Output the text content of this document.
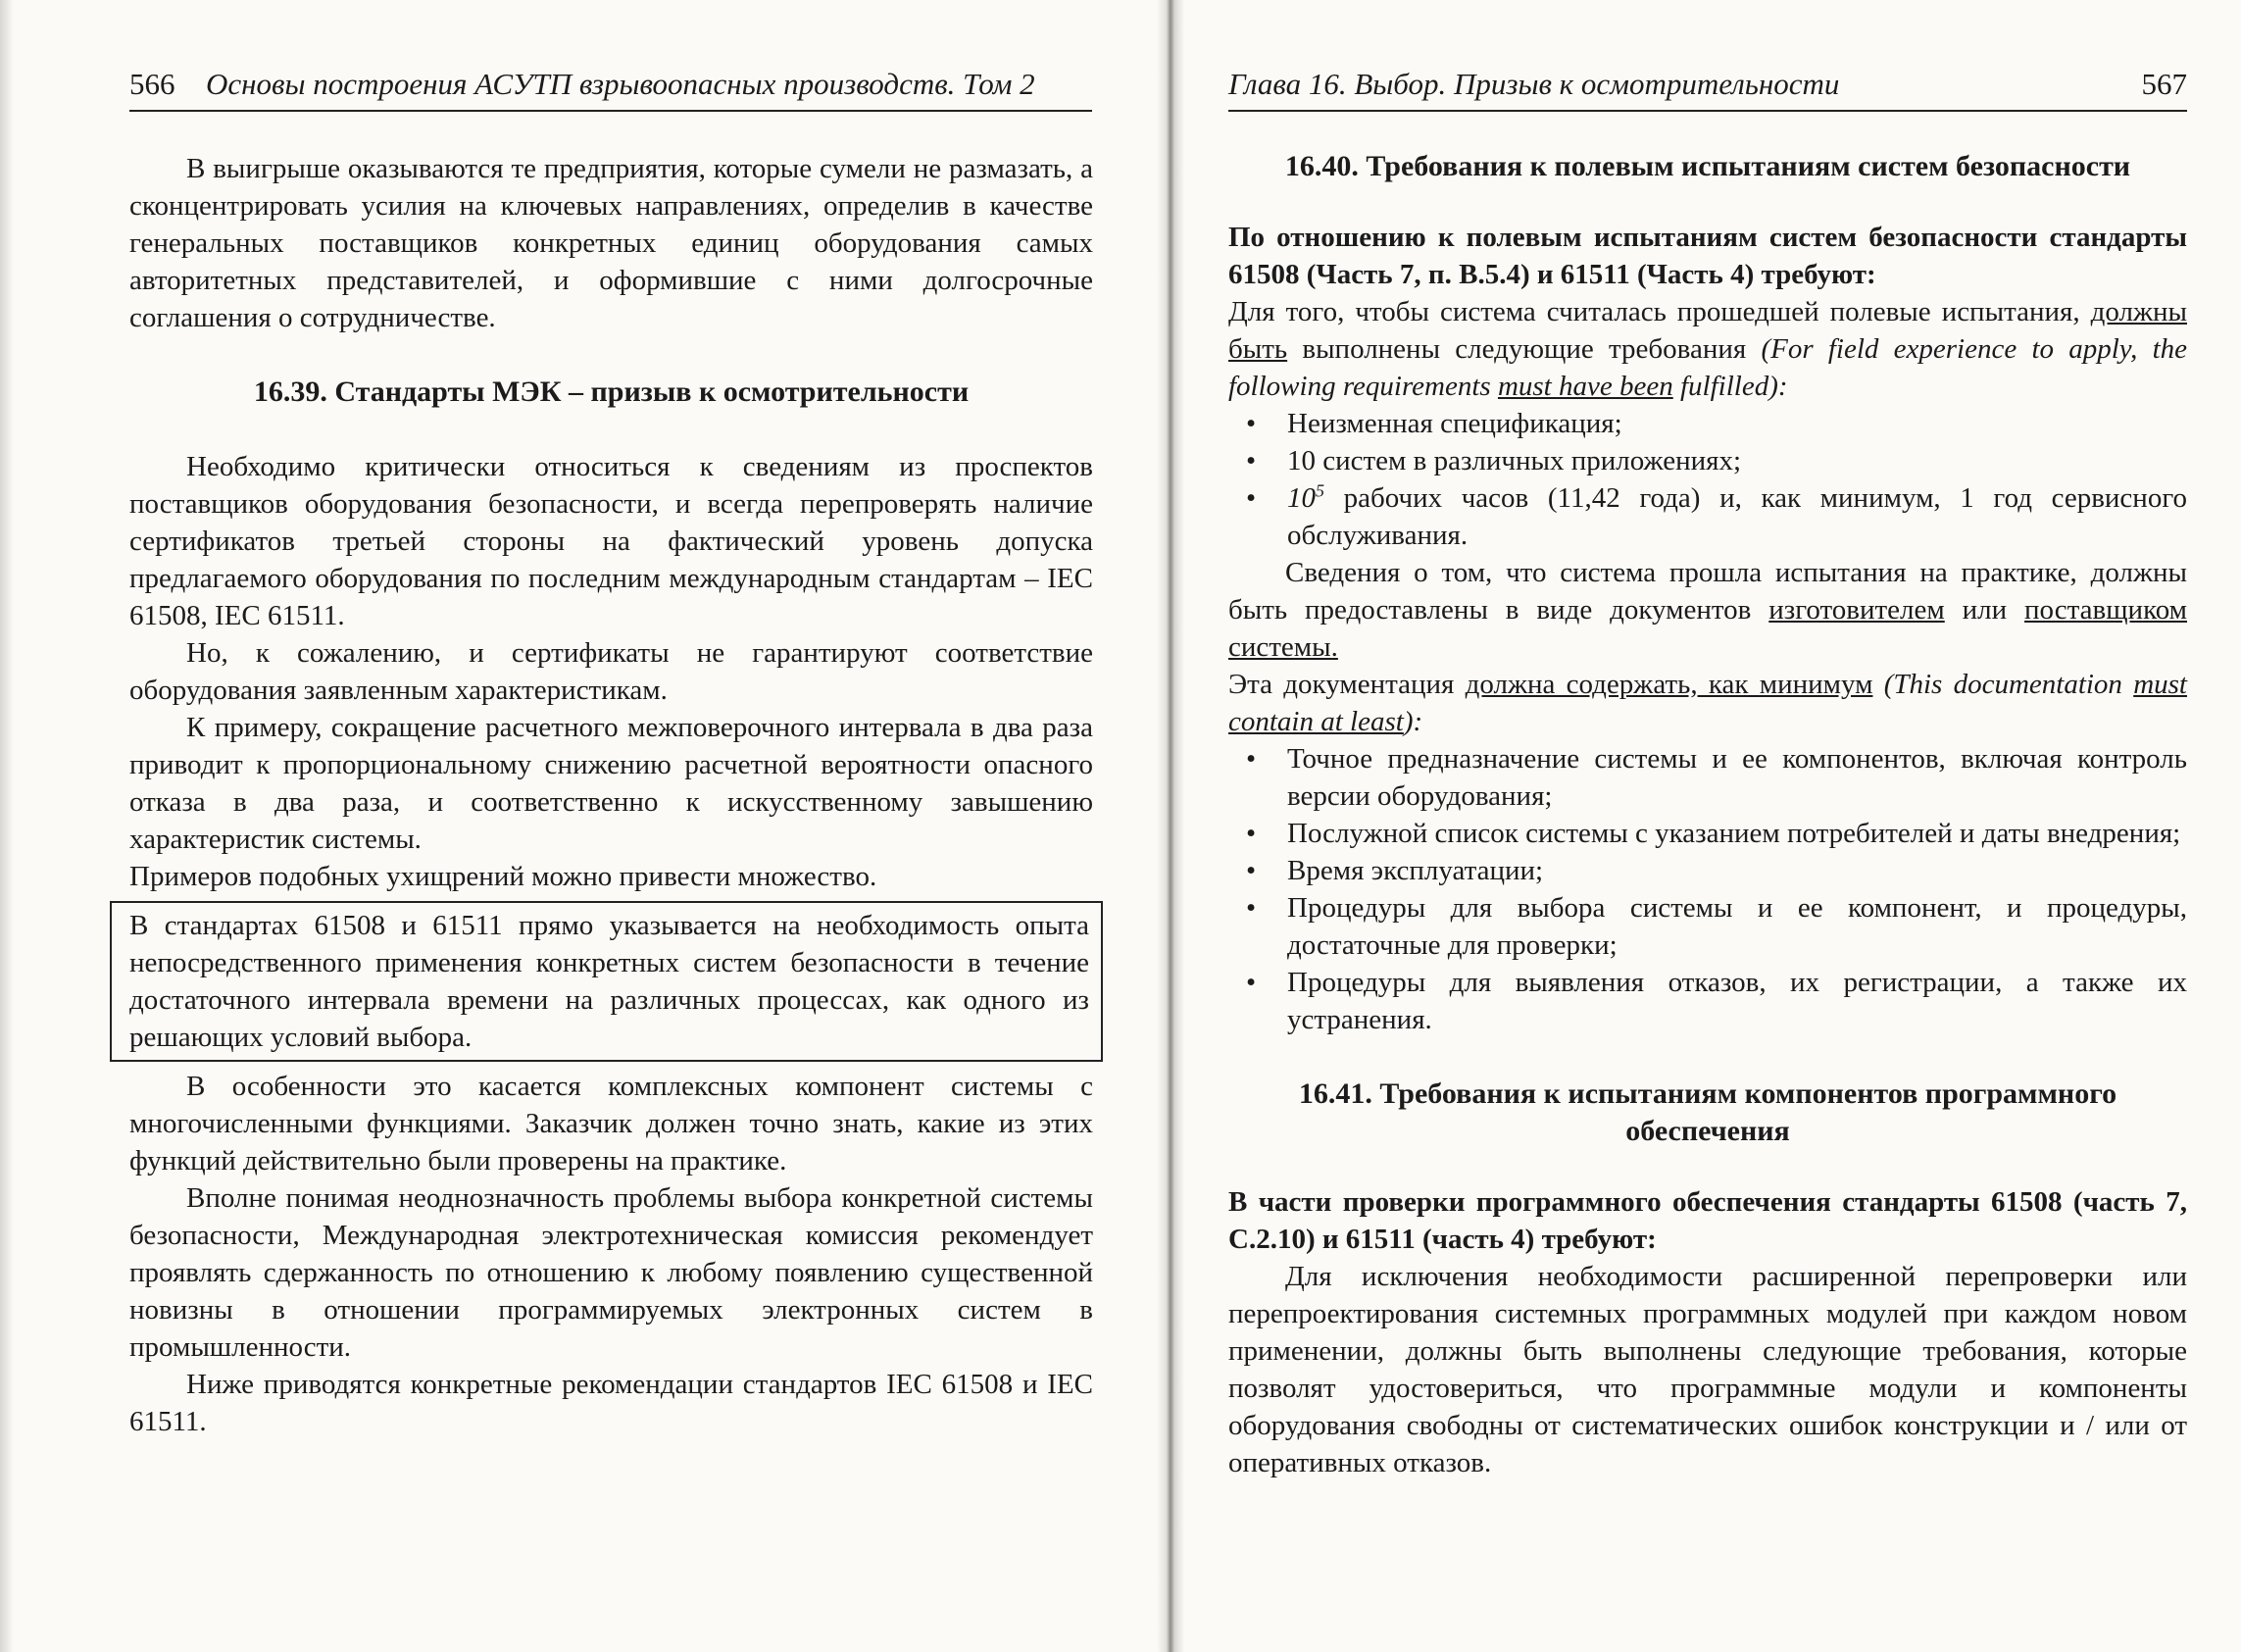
566 Основы построения АСУТП взрывоопасных производств. Том 2

В выигрыше оказываются те предприятия, которые сумели не размазать, а сконцентрировать усилия на ключевых направлениях, определив в качестве генеральных поставщиков конкретных единиц оборудования самых авторитетных представителей, и оформившие с ними долгосрочные соглашения о сотрудничестве.

16.39. Стандарты МЭК – призыв к осмотрительности

Необходимо критически относиться к сведениям из проспектов поставщиков оборудования безопасности, и всегда перепроверять наличие сертификатов третьей стороны на фактический уровень допуска предлагаемого оборудования по последним международным стандартам – IEC 61508, IEC 61511.

Но, к сожалению, и сертификаты не гарантируют соответствие оборудования заявленным характеристикам.

К примеру, сокращение расчетного межповерочного интервала в два раза приводит к пропорциональному снижению расчетной вероятности опасного отказа в два раза, и соответственно к искусственному завышению характеристик системы.

Примеров подобных ухищрений можно привести множество.

В стандартах 61508 и 61511 прямо указывается на необходимость опыта непосредственного применения конкретных систем безопасности в течение достаточного интервала времени на различных процессах, как одного из решающих условий выбора.

В особенности это касается комплексных компонент системы с многочисленными функциями. Заказчик должен точно знать, какие из этих функций действительно были проверены на практике.

Вполне понимая неоднозначность проблемы выбора конкретной системы безопасности, Международная электротехническая комиссия рекомендует проявлять сдержанность по отношению к любому появлению существенной новизны в отношении программируемых электронных систем в промышленности.

Ниже приводятся конкретные рекомендации стандартов IEC 61508 и IEC 61511.

Глава 16. Выбор. Призыв к осмотрительности	567
16.40. Требования к полевым испытаниям систем безопасности

По отношению к полевым испытаниям систем безопасности стандарты 61508 (Часть 7, п. B.5.4) и 61511 (Часть 4) требуют:

Для того, чтобы система считалась прошедшей полевые испытания, должны быть выполнены следующие требования (For field experience to apply, the following requirements must have been fulfilled):

• Неизменная спецификация;
• 10 систем в различных приложениях;
• $10^5$ рабочих часов (11,42 года) и, как минимум, 1 год сервисного обслуживания.

Сведения о том, что система прошла испытания на практике, должны быть предоставлены в виде документов изготовителем или поставщиком системы.

Эта документация должна содержать, как минимум (This documentation must contain at least):

• Точное предназначение системы и ее компонентов, включая контроль версии оборудования;
• Послужной список системы с указанием потребителей и даты внедрения;
• Время эксплуатации;
• Процедуры для выбора системы и ее компонент, и процедуры, достаточные для проверки;
• Процедуры для выявления отказов, их регистрации, а также их устранения.
16.41. Требования к испытаниям компонентов программного
обеспечения

В части проверки программного обеспечения стандарты 61508 (часть 7, C.2.10) и 61511 (часть 4) требуют:

Для исключения необходимости расширенной перепроверки или перепроектирования системных программных модулей при каждом новом применении, должны быть выполнены следующие требования, которые позволят удостовериться, что программные модули и компоненты оборудования свободны от систематических ошибок конструкции и / или от оперативных отказов.
